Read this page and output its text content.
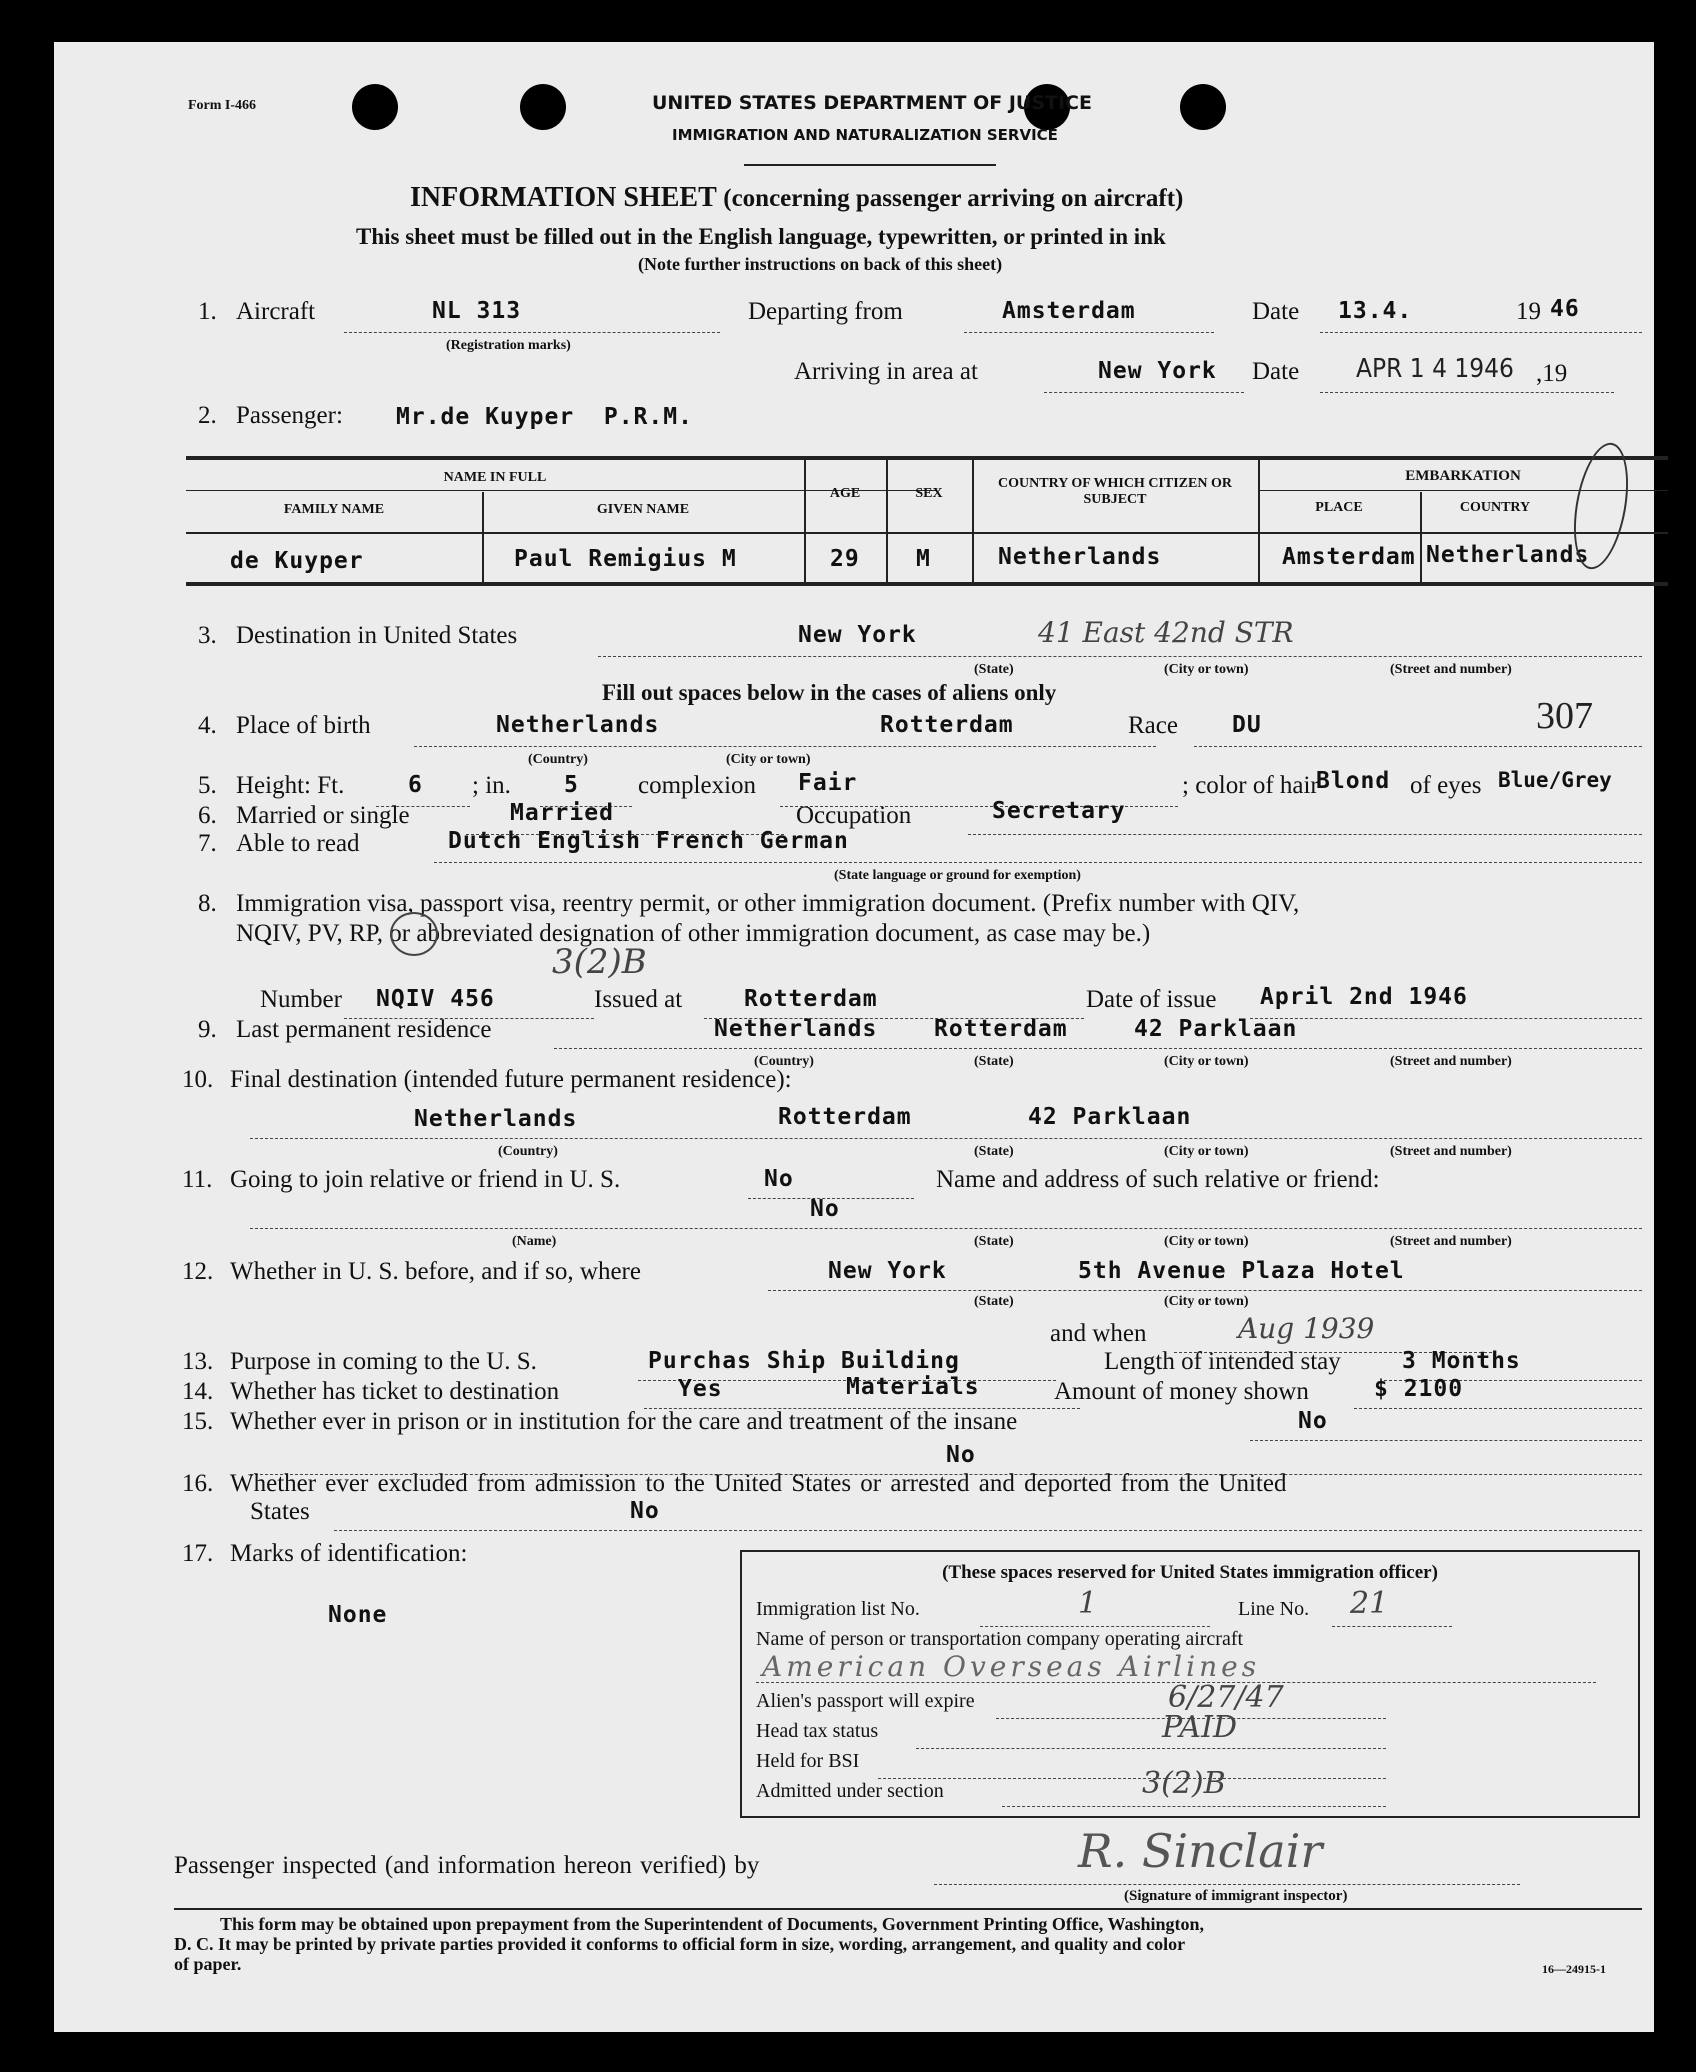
Form I-466	UNITED STATES DEPARTMENT OF JUSTICE
IMMIGRATION AND NATURALIZATION SERVICE
INFORMATION SHEET (concerning passenger arriving on aircraft)
This sheet must be filled out in the English language, typewritten, or printed in ink
(Note further instructions on back of this sheet)
1. Aircraft	NL 313
(Registration marks)
Departing from	Amsterdam	Date 13.4.	19 46
Arriving in area at	New York Date APR 1 4 1946 ,19
2. Passenger: Mr.de Kuyper  P.R.M.
NAME IN FULL
FAMILY NAME	GIVEN NAME
AGE	SEX
COUNTRY OF WHICH CITIZEN OR SUBJECT
EMBARKATION
PLACE	COUNTRY
de Kuyper	Paul Remigius M	29 M	Netherlands	Amsterdam Netherlands
3. Destination in United States	New York	41 East 42nd STR
(State)	(City or town)	(Street and number)
Fill out spaces below in the cases of aliens only
4. Place of birth	Netherlands	Rotterdam
(Country)	(City or town)
Race DU	307
5. Height: Ft.	6 ; in. 5 complexion Fair	; color of hair
Blond of eyes Blue/Grey
6. Married or single	Married	Occupation	Secretary
7. Able to read	Dutch English French German
(State language or ground for exemption)
8. Immigration visa, passport visa, reentry permit, or other immigration document. (Prefix number with QIV,
NQIV, PV, RP, or abbreviated designation of other immigration document, as case may be.)
3(2)B
Number NQIV 456	Issued at	Rotterdam	Date of issue April 2nd 1946
9. Last permanent residence	Netherlands Rotterdam	42 Parklaan
(Country)	(State)	(City or town)	(Street and number)
10. Final destination (intended future permanent residence):
Netherlands	Rotterdam	42 Parklaan
(Country)	(State)	(City or town)	(Street and number)
11. Going to join relative or friend in U. S.	No	Name and address of such relative or friend:
No
(Name)	(State)	(City or town)	(Street and number)
12. Whether in U. S. before, and if so, where	New York	5th Avenue Plaza Hotel
(State)	(City or town)
and when	Aug 1939
13. Purpose in coming to the U. S.	Purchas Ship Building	Length of intended stay	3 Months
14. Whether has ticket to destination	Yes	Materials	Amount of money shown	$ 2100
15. Whether ever in prison or in institution for the care and treatment of the insane	No
No
16. Whether ever excluded from admission to the United States or arrested and deported from the United
States	No
17. Marks of identification:
None
(These spaces reserved for United States immigration officer)
Immigration list No.	1	Line No. 21
Name of person or transportation company operating aircraft
American Overseas Airlines
Alien's passport will expire	6/27/47
Head tax status	PAID
Held for BSI
Admitted under section	3(2)B
Passenger inspected (and information hereon verified) by	R. Sinclair
(Signature of immigrant inspector)
This form may be obtained upon prepayment from the Superintendent of Documents, Government Printing Office, Washington,
D. C. It may be printed by private parties provided it conforms to official form in size, wording, arrangement, and quality and color
of paper.	16—24915-1
